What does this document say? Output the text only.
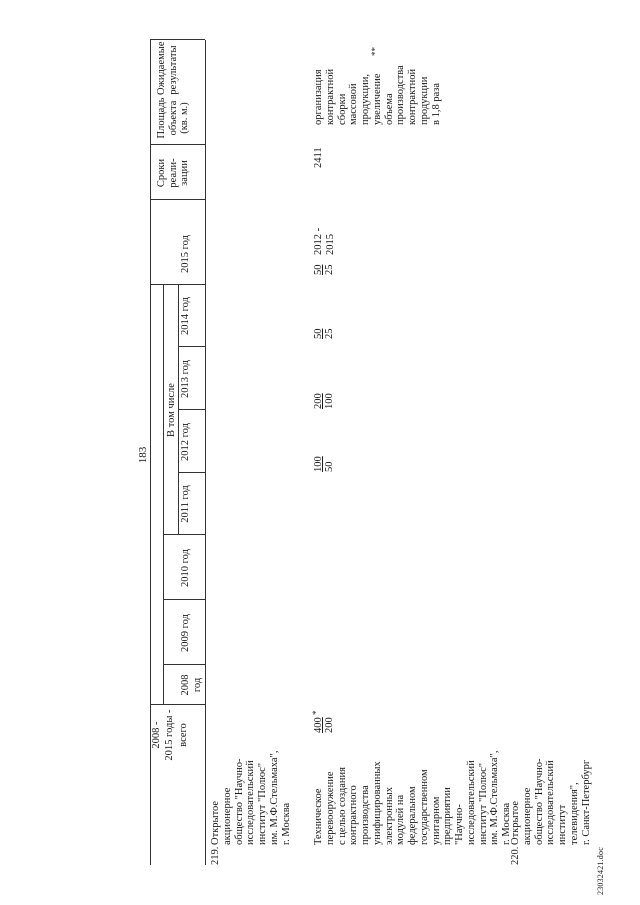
183
2008 - 2015 годы - всего
В том числе
2008 год
2009 год
2010 год
2011 год
2012 год
2013 год
2014 год
2015 год
Сроки реали- зации
Площадь объекта (кв. м.)
Ожидаемые результаты
219.
Открытое
акционерное
общество "Научно-
исследовательский
институт "Полюс"
им. М.Ф.Стельмаха",
г. Москва Техническое
перевооружение
с целью создания
контрактного
производства
унифицированных
электронных
модулей на
федеральном
государственном
унитарном
предприятии
"Научно-
исследовательский
институт "Полюс"
им. М.Ф.Стельмаха",
г. Москва
400 200
*
100 50
200 100
50 25
50 25
2012 -
2015
2411
организация
контрактной
сборки
массовой
продукции,
увеличение
объема
производства
контрактной
продукции
в 1,8 раза
**
220.
Открытое
акционерное
общество "Научно-
исследовательский
институт
телевидения",
г. Санкт-Петербург
23032421.doc
